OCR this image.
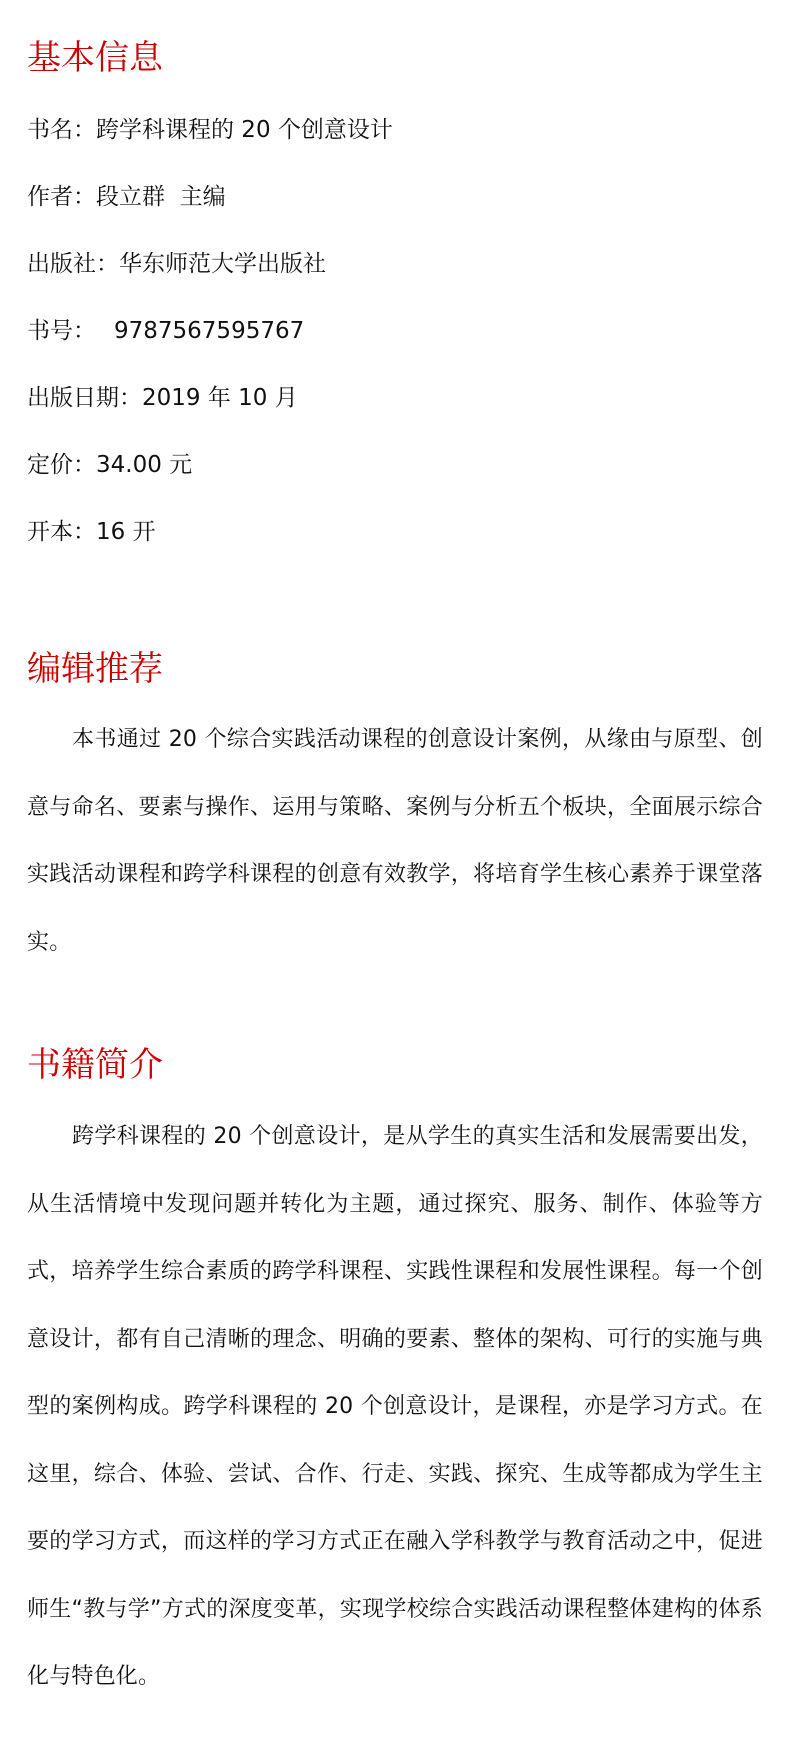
基本信息

书名：跨学科课程的 20 个创意设计

作者：段立群  主编

出版社：华东师范大学出版社

书号： 9787567595767

出版日期：2019 年 10 月

定价：34.00 元

开本：16 开

编辑推荐

本书通过 20 个综合实践活动课程的创意设计案例，从缘由与原型、创意与命名、要素与操作、运用与策略、案例与分析五个板块，全面展示综合实践活动课程和跨学科课程的创意有效教学，将培育学生核心素养于课堂落实。

书籍简介

跨学科课程的 20 个创意设计，是从学生的真实生活和发展需要出发，从生活情境中发现问题并转化为主题，通过探究、服务、制作、体验等方式，培养学生综合素质的跨学科课程、实践性课程和发展性课程。每一个创意设计，都有自己清晰的理念、明确的要素、整体的架构、可行的实施与典型的案例构成。跨学科课程的 20 个创意设计，是课程，亦是学习方式。在这里，综合、体验、尝试、合作、行走、实践、探究、生成等都成为学生主要的学习方式，而这样的学习方式正在融入学科教学与教育活动之中，促进师生“教与学”方式的深度变革，实现学校综合实践活动课程整体建构的体系化与特色化。
